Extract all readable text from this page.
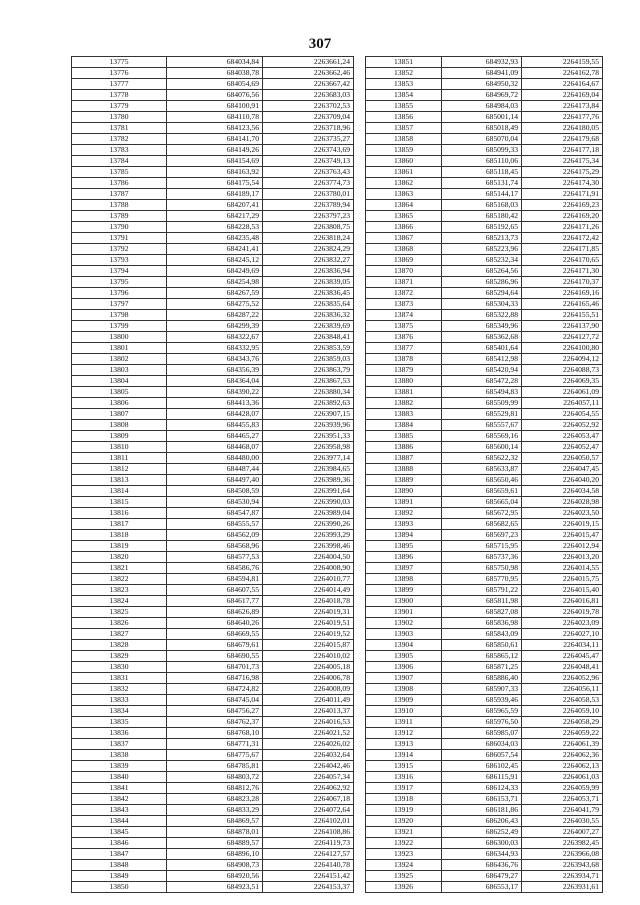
307
13775	684034,84	2263661,24
13776	684038,78	2263662,46
13777	684054,69	2263667,42
13778	684076,56	2263683,03
13779	684100,91	2263702,53
13780	684110,78	2263709,04
13781	684123,56	2263718,96
13782	684141,70	2263735,27
13783	684149,26	2263743,69
13784	684154,69	2263749,13
13785	684163,92	2263763,43
13786	684175,54	2263774,73
13787	684189,17	2263780,01
13788	684207,41	2263789,94
13789	684217,29	2263797,23
13790	684228,53	2263808,75
13791	684235,48	2263818,24
13792	684241,41	2263824,29
13793	684245,12	2263832,27
13794	684249,69	2263836,94
13795	684254,98	2263839,05
13796	684267,59	2263836,45
13797	684275,52	2263835,64
13798	684287,22	2263836,32
13799	684299,39	2263839,69
13800	684322,67	2263848,41
13801	684332,95	2263853,59
13802	684343,76	2263859,03
13803	684356,39	2263863,79
13804	684364,04	2263867,53
13805	684390,22	2263880,34
13806	684413,36	2263892,63
13807	684428,07	2263907,15
13808	684455,83	2263939,96
13809	684465,27	2263951,33
13810	684468,07	2263958,98
13811	684480,00	2263977,14
13812	684487,44	2263984,65
13813	684497,40	2263989,36
13814	684508,59	2263991,64
13815	684530,94	2263990,03
13816	684547,87	2263989,04
13817	684555,57	2263990,26
13818	684562,09	2263993,29
13819	684568,96	2263998,46
13820	684577,53	2264004,50
13821	684586,76	2264008,90
13822	684594,81	2264010,77
13823	684607,55	2264014,49
13824	684617,77	2264018,78
13825	684626,89	2264019,31
13826	684640,26	2264019,51
13827	684669,55	2264019,52
13828	684679,61	2264015,87
13829	684690,55	2264010,02
13830	684701,73	2264005,18
13831	684716,98	2264006,78
13832	684724,82	2264008,09
13833	684745,04	2264011,49
13834	684756,27	2264013,37
13835	684762,37	2264016,53
13836	684768,10	2264021,52
13837	684771,31	2264026,02
13838	684775,67	2264032,64
13839	684785,81	2264042,46
13840	684803,72	2264057,34
13841	684812,76	2264062,92
13842	684823,28	2264067,18
13843	684833,29	2264072,64
13844	684869,57	2264102,01
13845	684878,01	2264108,86
13846	684889,57	2264119,73
13847	684896,10	2264127,57
13848	684908,73	2264140,78
13849	684920,56	2264151,42
13850	684923,51	2264153,37
13851	684932,93	2264159,55
13852	684941,09	2264162,78
13853	684950,32	2264164,67
13854	684969,72	2264169,04
13855	684984,03	2264173,84
13856	685001,14	2264177,76
13857	685018,49	2264180,05
13858	685070,04	2264179,68
13859	685099,33	2264177,18
13860	685110,06	2264175,34
13861	685118,45	2264175,29
13862	685131,74	2264174,30
13863	685144,17	2264171,91
13864	685168,03	2264169,23
13865	685180,42	2264169,20
13866	685192,65	2264171,26
13867	685213,73	2264172,42
13868	685223,96	2264171,85
13869	685232,34	2264170,65
13870	685264,56	2264171,30
13871	685286,96	2264170,37
13872	685294,64	2264169,16
13873	685304,33	2264165,46
13874	685322,88	2264155,51
13875	685349,96	2264137,90
13876	685362,68	2264127,72
13877	685401,64	2264100,80
13878	685412,98	2264094,12
13879	685420,94	2264088,73
13880	685472,28	2264069,35
13881	685494,83	2264061,09
13882	685509,99	2264057,11
13883	685529,81	2264054,55
13884	685557,67	2264052,92
13885	685569,16	2264053,47
13886	685600,14	2264052,47
13887	685622,32	2264050,57
13888	685633,87	2264047,45
13889	685650,46	2264040,20
13890	685659,61	2264034,58
13891	685665,04	2264028,98
13892	685672,95	2264023,50
13893	685682,65	2264019,15
13894	685697,23	2264015,47
13895	685715,95	2264012,94
13896	685737,36	2264013,20
13897	685750,98	2264014,55
13898	685770,95	2264015,75
13899	685791,22	2264015,40
13900	685811,98	2264016,81
13901	685827,08	2264019,78
13902	685836,98	2264023,09
13903	685843,09	2264027,10
13904	685850,61	2264034,11
13905	685865,12	2264045,47
13906	685871,25	2264048,41
13907	685886,40	2264052,96
13908	685907,33	2264056,11
13909	685939,46	2264058,53
13910	685965,59	2264059,10
13911	685976,50	2264058,29
13912	685985,07	2264059,22
13913	686034,03	2264061,39
13914	686057,54	2264062,36
13915	686102,45	2264062,13
13916	686115,91	2264061,03
13917	686124,33	2264059,99
13918	686153,71	2264053,71
13919	686181,86	2264041,79
13920	686206,43	2264030,55
13921	686252,49	2264007,27
13922	686300,03	2263982,45
13923	686344,93	2263966,08
13924	686436,76	2263943,68
13925	686479,27	2263934,71
13926	686553,17	2263931,61
